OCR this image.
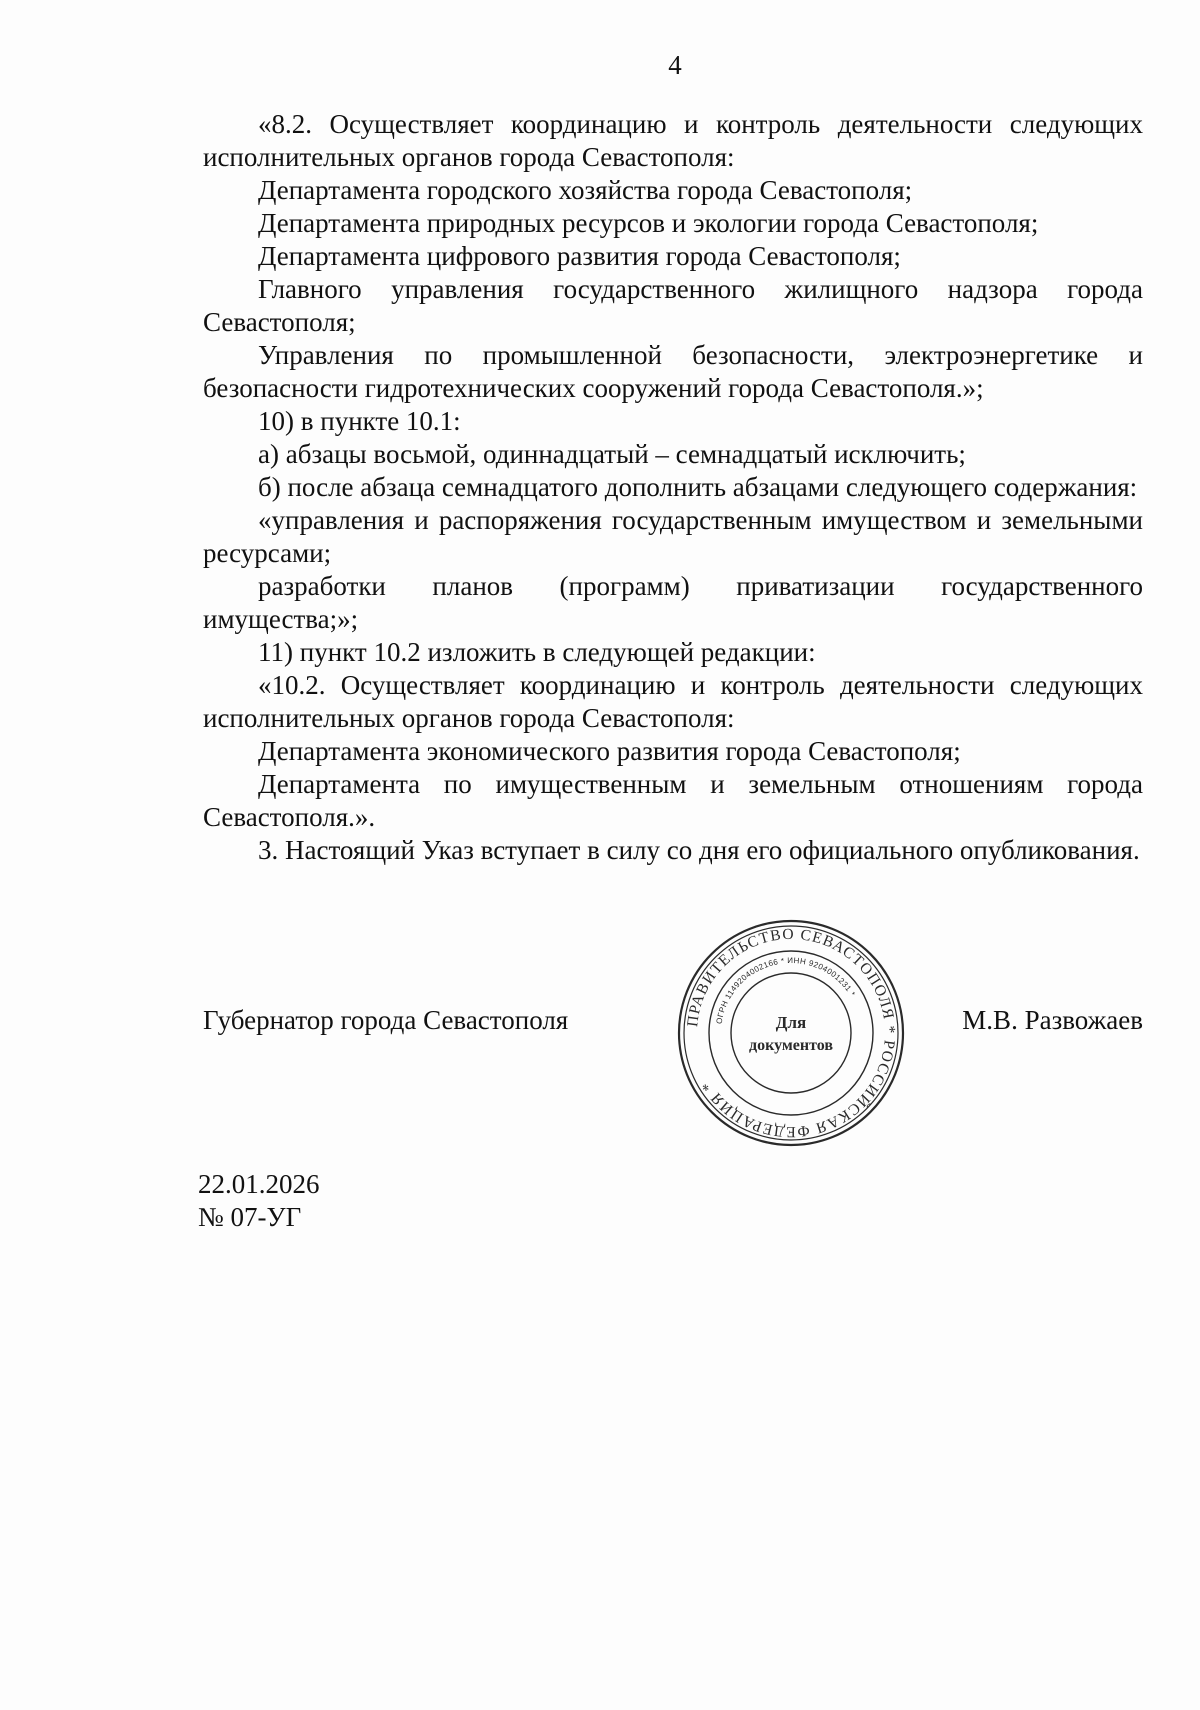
4

«8.2. Осуществляет координацию и контроль деятельности следующих исполнительных органов города Севастополя:

Департамента городского хозяйства города Севастополя;

Департамента природных ресурсов и экологии города Севастополя;

Департамента цифрового развития города Севастополя;

Главного управления государственного жилищного надзора города Севастополя;

Управления по промышленной безопасности, электроэнергетике и безопасности гидротехнических сооружений города Севастополя.»;

10) в пункте 10.1:

а) абзацы восьмой, одиннадцатый – семнадцатый исключить;

б) после абзаца семнадцатого дополнить абзацами следующего содержания:

«управления и распоряжения государственным имуществом и земельными ресурсами;

разработки планов (программ) приватизации государственного имущества;»;

11) пункт 10.2 изложить в следующей редакции:

«10.2. Осуществляет координацию и контроль деятельности следующих исполнительных органов города Севастополя:

Департамента экономического развития города Севастополя;

Департамента по имущественным и земельным отношениям города Севастополя.».

3. Настоящий Указ вступает в силу со дня его официального опубликования.

Губернатор города Севастополя	М.В. Развожаев
ПРАВИТЕЛЬСТВО СЕВАСТОПОЛЯ * РОССИЙСКАЯ ФЕДЕРАЦИЯ *
ОГРН 1149204002166 * ИНН 9204001231 *
Для
документов
22.01.2026
№ 07-УГ
